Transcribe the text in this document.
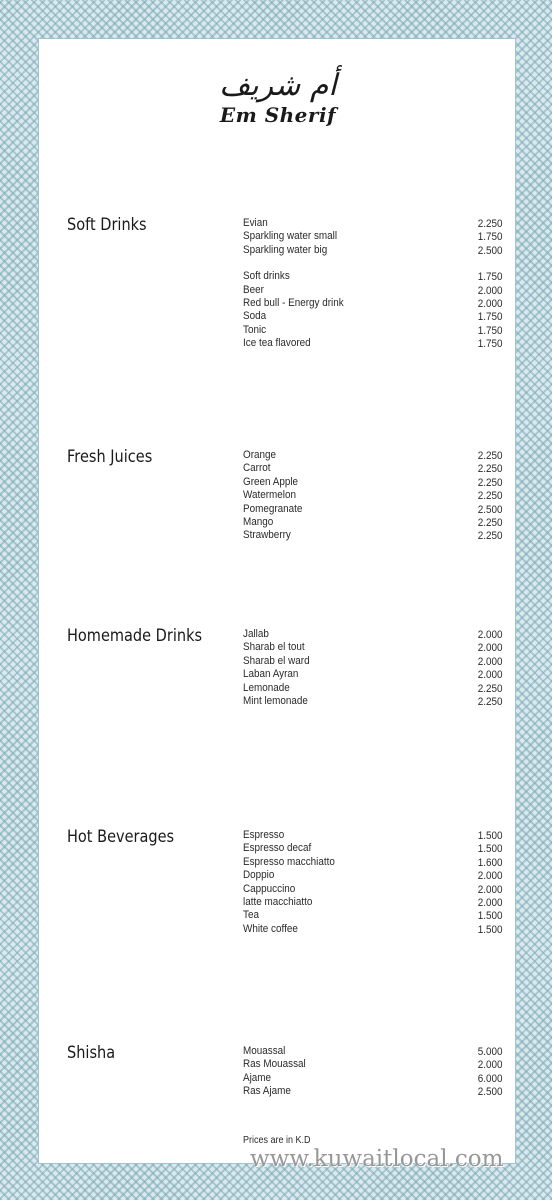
أم شريف
Em Sherif
Soft Drinks	Evian	2.250
Sparkling water small	1.750
Sparkling water big	2.500
Soft drinks	1.750
Beer	2.000
Red bull - Energy drink	2.000
Soda	1.750
Tonic	1.750
Ice tea flavored	1.750
Fresh Juices	Orange	2.250
Carrot	2.250
Green Apple	2.250
Watermelon	2.250
Pomegranate	2.500
Mango	2.250
Strawberry	2.250
Homemade Drinks	Jallab	2.000
Sharab el tout	2.000
Sharab el ward	2.000
Laban Ayran	2.000
Lemonade	2.250
Mint lemonade	2.250
Hot Beverages	Espresso	1.500
Espresso decaf	1.500
Espresso macchiatto	1.600
Doppio	2.000
Cappuccino	2.000
latte macchiatto	2.000
Tea	1.500
White coffee	1.500
Shisha	Mouassal	5.000
Ras Mouassal	2.000
Ajame	6.000
Ras Ajame	2.500
Prices are in K.D
www.kuwaitlocal.com
